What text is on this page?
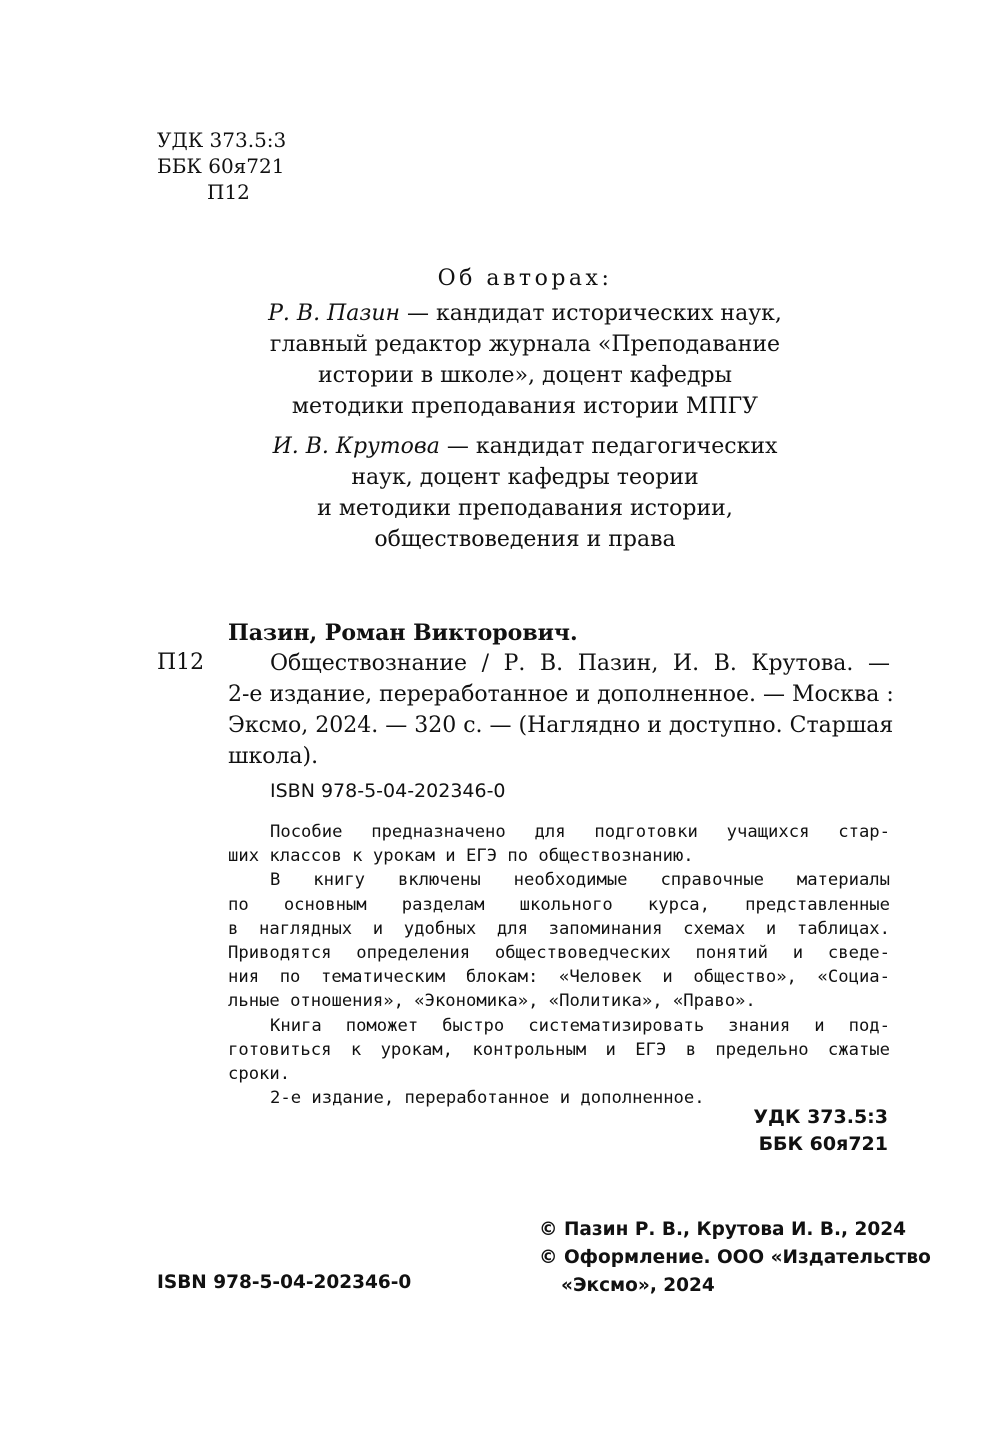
УДК 373.5:3
ББК 60я721
П12
Об авторах:

Р. В. Пазин — кандидат исторических наук,
главный редактор журнала «Преподавание
истории в школе», доцент кафедры
методики преподавания истории МПГУ

И. В. Крутова — кандидат педагогических
наук, доцент кафедры теории
и методики преподавания истории,
обществоведения и права

Пазин, Роман Викторович.
П12	Обществознание / Р. В. Пазин, И. В. Крутова. —
2-е издание, переработанное и дополненное. — Москва :
Эксмо, 2024. — 320 с. — (Наглядно и доступно. Старшая
школа).
ISBN 978-5-04-202346-0
Пособие предназначено для подготовки учащихся стар-
ших классов к урокам и ЕГЭ по обществознанию.
В книгу включены необходимые справочные материалы
по основным разделам школьного курса, представленные
в наглядных и удобных для запоминания схемах и таблицах.
Приводятся определения обществоведческих понятий и сведе-
ния по тематическим блокам: «Человек и общество», «Социа-
льные отношения», «Экономика», «Политика», «Право».
Книга поможет быстро систематизировать знания и под-
готовиться к урокам, контрольным и ЕГЭ в предельно сжатые
сроки.
2-е издание, переработанное и дополненное.
УДК 373.5:3
ББК 60я721
© Пазин Р. В., Крутова И. В., 2024
© Оформление. ООО «Издательство
«Эксмо», 2024
ISBN 978-5-04-202346-0
